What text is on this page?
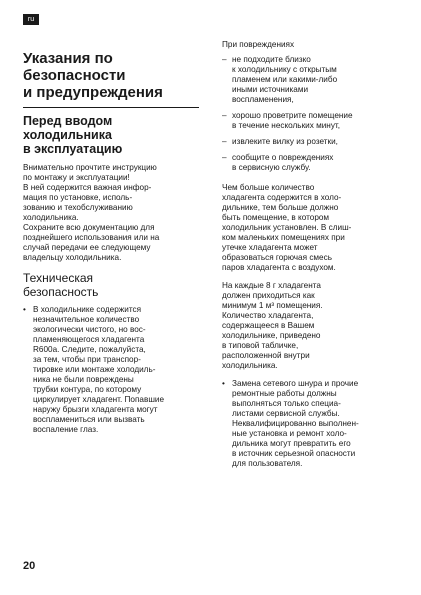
ru
Указания по
безопасности
и предупреждения
Перед вводом
холодильника
в эксплуатацию
Внимательно прочтите инструкцию
по монтажу и эксплуатации!
В ней содержится важная инфор-
мация по установке, исполь-
зованию и техобслуживанию
холодильника.
Сохраните всю документацию для
позднейшего использования или на
случай передачи ее следующему
владельцу холодильника.
Техническая
безопасность
• В холодильнике содержится
незначительное количество
экологически чистого, но вос-
пламеняющегося хладагента
R600a. Следите, пожалуйста,
за тем, чтобы при транспор-
тировке или монтаже холодиль-
ника не были повреждены
трубки контура, по которому
циркулирует хладагент. Попавшие
наружу брызги хладагента могут
воспламениться или вызвать
воспаление глаз.
При повреждениях
– не подходите близко
к холодильнику с открытым
пламенем или какими-либо
иными источниками
воспламенения,
– хорошо проветрите помещение
в течение нескольких минут,
– извлеките вилку из розетки,
– сообщите о повреждениях
в сервисную службу.
Чем больше количество
хладагента содержится в холо-
дильнике, тем больше должно
быть помещение, в котором
холодильник установлен. В слиш-
ком маленьких помещениях при
утечке хладагента может
образоваться горючая смесь
паров хладагента с воздухом.
На каждые 8 г хладагента
должен приходиться как
минимум 1 м³ помещения.
Количество хладагента,
содержащееся в Вашем
холодильнике, приведено
в типовой табличке,
расположенной внутри
холодильника.
• Замена сетевого шнура и прочие
ремонтные работы должны
выполняться только специа-
листами сервисной службы.
Неквалифицированно выполнен-
ные установка и ремонт холо-
дильника могут превратить его
в источник серьезной опасности
для пользователя.
20
